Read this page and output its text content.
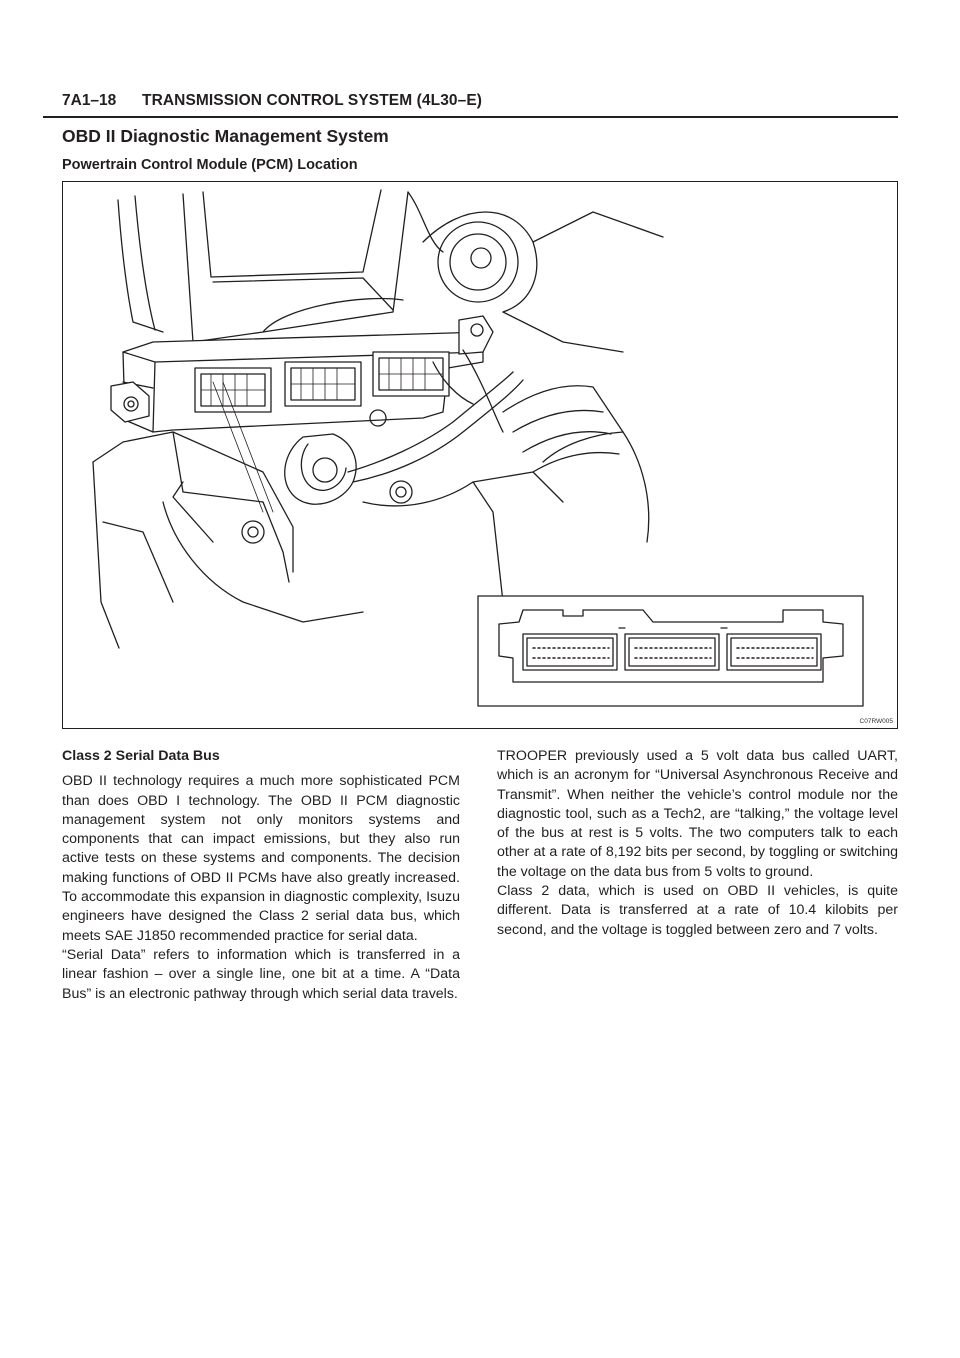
7A1–18 TRANSMISSION CONTROL SYSTEM (4L30–E)
OBD II Diagnostic Management System
Powertrain Control Module (PCM) Location
C07RW005

Class 2 Serial Data Bus

OBD II technology requires a much more sophisticated PCM than does OBD I technology. The OBD II PCM diagnostic management system not only monitors systems and components that can impact emissions, but they also run active tests on these systems and components. The decision making functions of OBD II PCMs have also greatly increased. To accommodate this expansion in diagnostic complexity, Isuzu engineers have designed the Class 2 serial data bus, which meets SAE J1850 recommended practice for serial data.

“Serial Data” refers to information which is transferred in a linear fashion – over a single line, one bit at a time. A “Data Bus” is an electronic pathway through which serial data travels.

TROOPER previously used a 5 volt data bus called UART, which is an acronym for “Universal Asynchronous Receive and Transmit”. When neither the vehicle’s control module nor the diagnostic tool, such as a Tech2, are “talking,” the voltage level of the bus at rest is 5 volts. The two computers talk to each other at a rate of 8,192 bits per second, by toggling or switching the voltage on the data bus from 5 volts to ground.

Class 2 data, which is used on OBD II vehicles, is quite different. Data is transferred at a rate of 10.4 kilobits per second, and the voltage is toggled between zero and 7 volts.
